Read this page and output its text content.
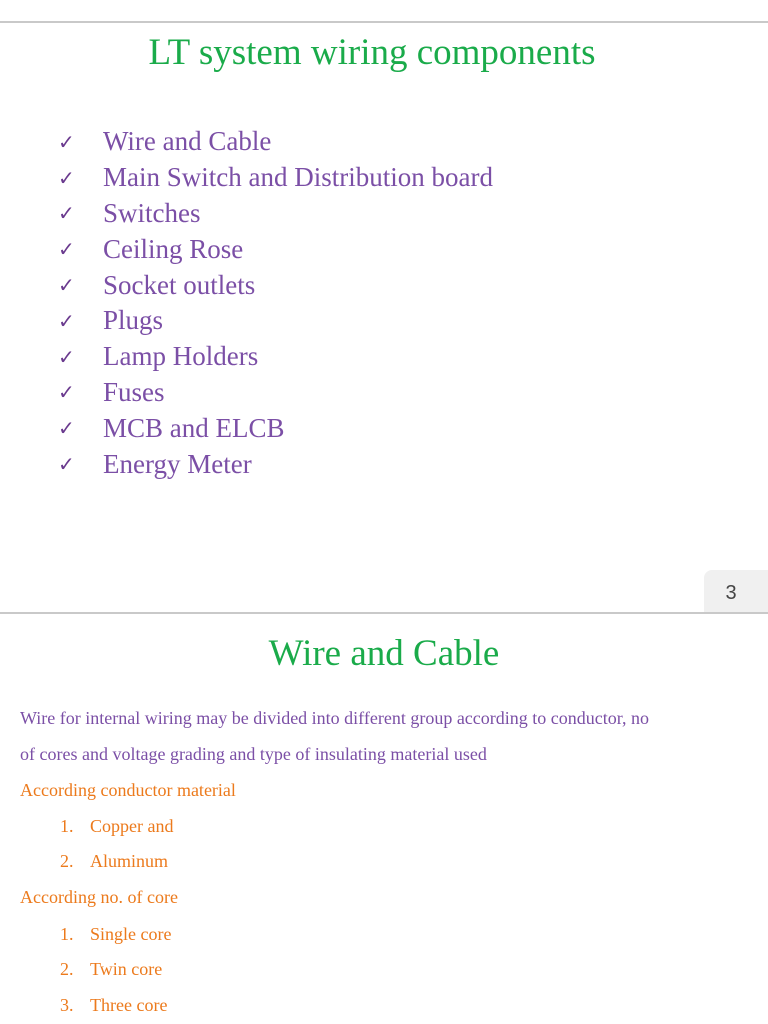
LT system wiring components
✓	Wire and Cable
✓	Main Switch and Distribution board
✓	Switches
✓	Ceiling Rose
✓	Socket outlets
✓	Plugs
✓	Lamp Holders
✓	Fuses
✓	MCB and ELCB
✓	Energy Meter
3
Wire and Cable
Wire for internal wiring may be divided into different group according to conductor, no
of cores and voltage grading and type of insulating material used
According conductor material
1. Copper and
2. Aluminum
According no. of core
1. Single core
2. Twin core
3. Three core
